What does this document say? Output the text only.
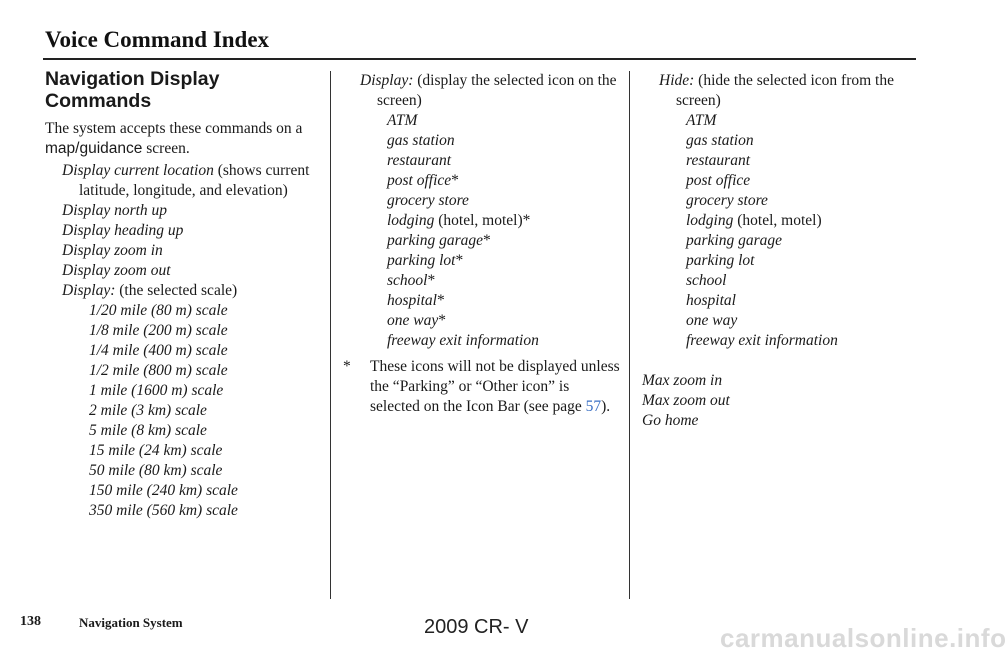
Voice Command Index
Navigation Display Commands
The system accepts these commands on a map/guidance screen.
Display current location (shows current latitude, longitude, and elevation)
Display north up
Display heading up
Display zoom in
Display zoom out
Display: (the selected scale)
1/20 mile (80 m) scale
1/8 mile (200 m) scale
1/4 mile (400 m) scale
1/2 mile (800 m) scale
1 mile (1600 m) scale
2 mile (3 km) scale
5 mile (8 km) scale
15 mile (24 km) scale
50 mile (80 km) scale
150 mile (240 km) scale
350 mile (560 km) scale
Display: (display the selected icon on the screen)
ATM
gas station
restaurant
post office*
grocery store
lodging (hotel, motel)*
parking garage*
parking lot*
school*
hospital*
one way*
freeway exit information
*	These icons will not be displayed unless the “Parking” or “Other icon” is selected on the Icon Bar (see page 57).
Hide: (hide the selected icon from the screen)
ATM
gas station
restaurant
post office
grocery store
lodging (hotel, motel)
parking garage
parking lot
school
hospital
one way
freeway exit information
Max zoom in
Max zoom out
Go home
138	Navigation System	2009 CR- V	carmanualsonline.info
